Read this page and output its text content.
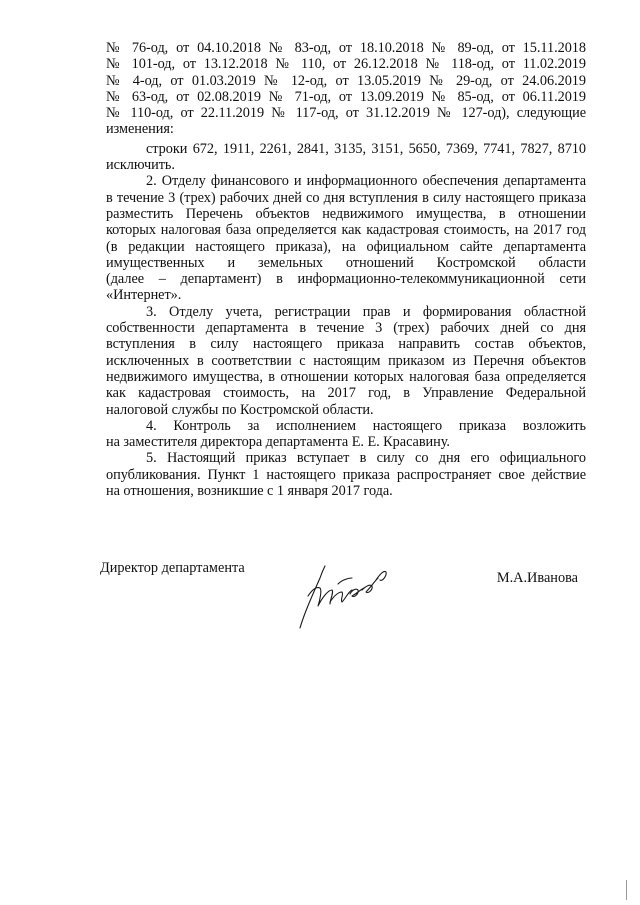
№ 76-од, от 04.10.2018 № 83-од, от 18.10.2018 № 89-од, от 15.11.2018
№ 101-од, от 13.12.2018 № 110, от 26.12.2018 № 118-од, от 11.02.2019
№ 4-од, от 01.03.2019 № 12-од, от 13.05.2019 № 29-од, от 24.06.2019
№ 63-од, от 02.08.2019 № 71-од, от 13.09.2019 № 85-од, от 06.11.2019
№ 110-од, от 22.11.2019 № 117-од, от 31.12.2019 № 127-од), следующие
изменения:
строки 672, 1911, 2261, 2841, 3135, 3151, 5650, 7369, 7741, 7827, 8710
исключить.
2. Отделу финансового и информационного обеспечения департамента
в течение 3 (трех) рабочих дней со дня вступления в силу настоящего приказа
разместить Перечень объектов недвижимого имущества, в отношении
которых налоговая база определяется как кадастровая стоимость, на 2017 год
(в редакции настоящего приказа), на официальном сайте департамента
имущественных и земельных отношений Костромской области
(далее – департамент) в информационно-телекоммуникационной сети
«Интернет».
3. Отделу учета, регистрации прав и формирования областной
собственности департамента в течение 3 (трех) рабочих дней со дня
вступления в силу настоящего приказа направить состав объектов,
исключенных в соответствии с настоящим приказом из Перечня объектов
недвижимого имущества, в отношении которых налоговая база определяется
как кадастровая стоимость, на 2017 год, в Управление Федеральной
налоговой службы по Костромской области.
4. Контроль за исполнением настоящего приказа возложить
на заместителя директора департамента Е. Е. Красавину.
5. Настоящий приказ вступает в силу со дня его официального
опубликования. Пункт 1 настоящего приказа распространяет свое действие
на отношения, возникшие с 1 января 2017 года.
Директор департамента
М.А.Иванова
